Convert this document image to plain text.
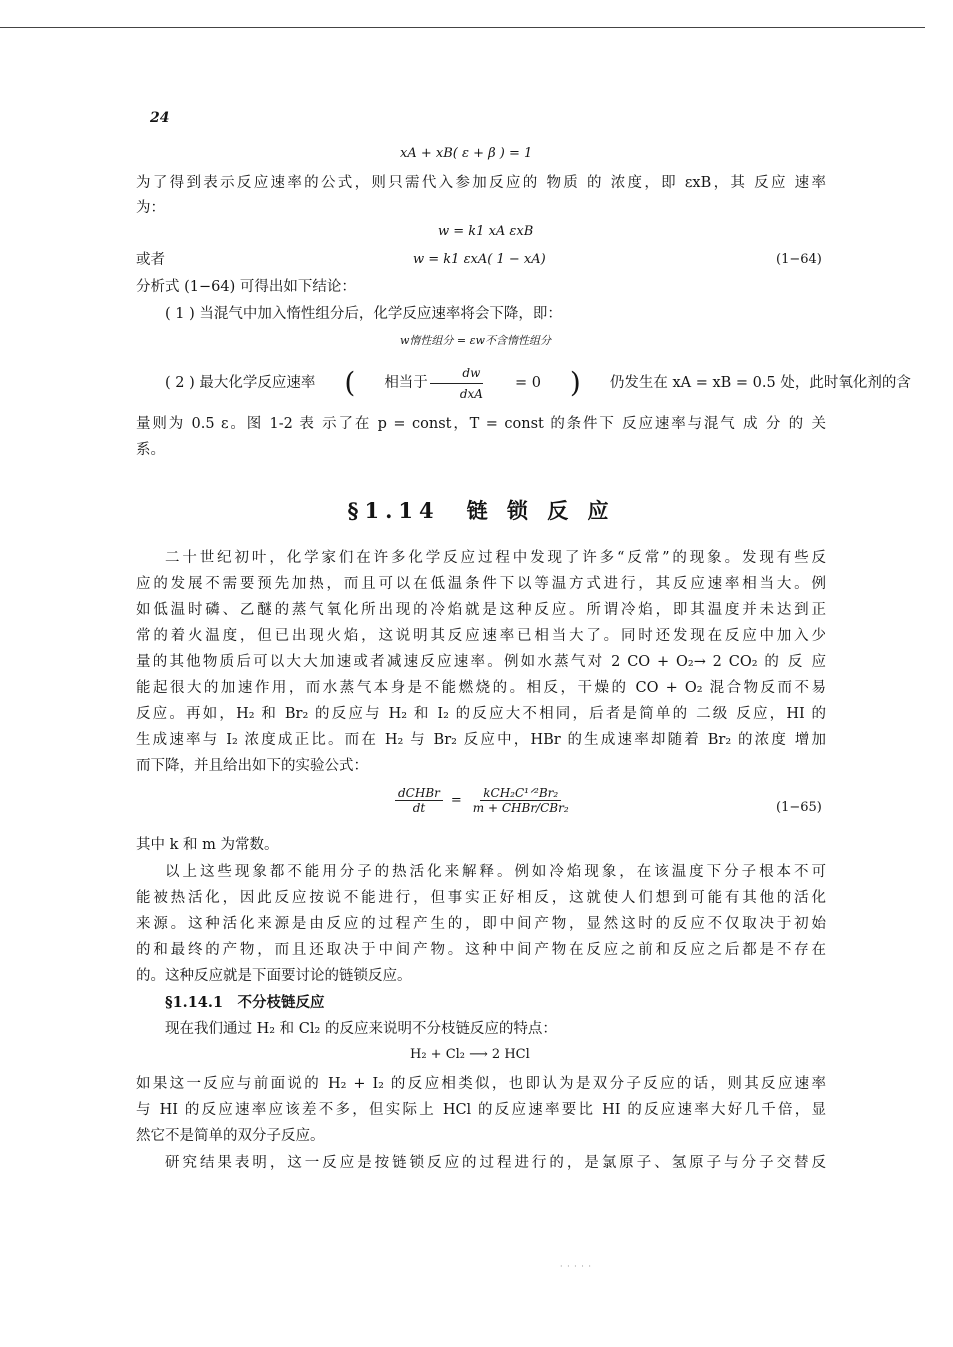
24
xA + xB( ε + β ) = 1
为了得到表示反应速率的公式，则只需代入参加反应的 物质 的 浓度，即 εxB，其 反应 速率
为：
w = k1 xA εxB
或者	w = k1 εxA( 1 − xA)	(1−64)
分析式 (1−64) 可得出如下结论：
( 1 ) 当混气中加入惰性组分后，化学反应速率将会下降，即：
w惰性组分 = εw不含惰性组分
( 2 ) 最大化学反应速率	(	相当于 $\frac{dw}{\text{dxA}}$	= 0	)	仍发生在 xA = xB = 0.5 处，此时氧化剂的含
量则为 0.5 ε。图 1-2 表 示了在 p = const，T = const 的条件下 反应速率与混气 成 分 的 关
系。
§1.14　链 锁 反 应
二十世纪初叶，化学家们在许多化学反应过程中发现了许多“反常”的现象。发现有些反
应的发展不需要预先加热，而且可以在低温条件下以等温方式进行，其反应速率相当大。例
如低温时磷、乙醚的蒸气氧化所出现的冷焰就是这种反应。所谓冷焰，即其温度并未达到正
常的着火温度，但已出现火焰，这说明其反应速率已相当大了。同时还发现在反应中加入少
量的其他物质后可以大大加速或者减速反应速率。例如水蒸气对 2 CO + O₂→ 2 CO₂ 的 反 应
能起很大的加速作用，而水蒸气本身是不能燃烧的。相反，干燥的 CO + O₂ 混合物反而不易
反应。再如，H₂ 和 Br₂ 的反应与 H₂ 和 I₂ 的反应大不相同，后者是简单的 二级 反应，HI 的
生成速率与 I₂ 浓度成正比。而在 H₂ 与 Br₂ 反应中，HBr 的生成速率却随着 Br₂ 的浓度 增加
而下降，并且给出如下的实验公式：
$\frac{\text{dCHBr}}{dt} = \frac{\text{kCH₂C¹ᐟ²Br₂}}{\text{m + CHBr/CBr₂}}$	(1−65)
其中 k 和 m 为常数。
以上这些现象都不能用分子的热活化来解释。例如冷焰现象，在该温度下分子根本不可
能被热活化，因此反应按说不能进行，但事实正好相反，这就使人们想到可能有其他的活化
来源。这种活化来源是由反应的过程产生的，即中间产物，显然这时的反应不仅取决于初始
的和最终的产物，而且还取决于中间产物。这种中间产物在反应之前和反应之后都是不存在
的。这种反应就是下面要讨论的链锁反应。
§1.14.1　不分枝链反应
现在我们通过 H₂ 和 Cl₂ 的反应来说明不分枝链反应的特点：
H₂ + Cl₂ ⟶ 2 HCl
如果这一反应与前面说的 H₂ + I₂ 的反应相类似，也即认为是双分子反应的话，则其反应速率
与 HI 的反应速率应该差不多，但实际上 HCl 的反应速率要比 HI 的反应速率大好几千倍，显
然它不是简单的双分子反应。
研究结果表明，这一反应是按链锁反应的过程进行的，是氯原子、氢原子与分子交替反
· · · · ·
